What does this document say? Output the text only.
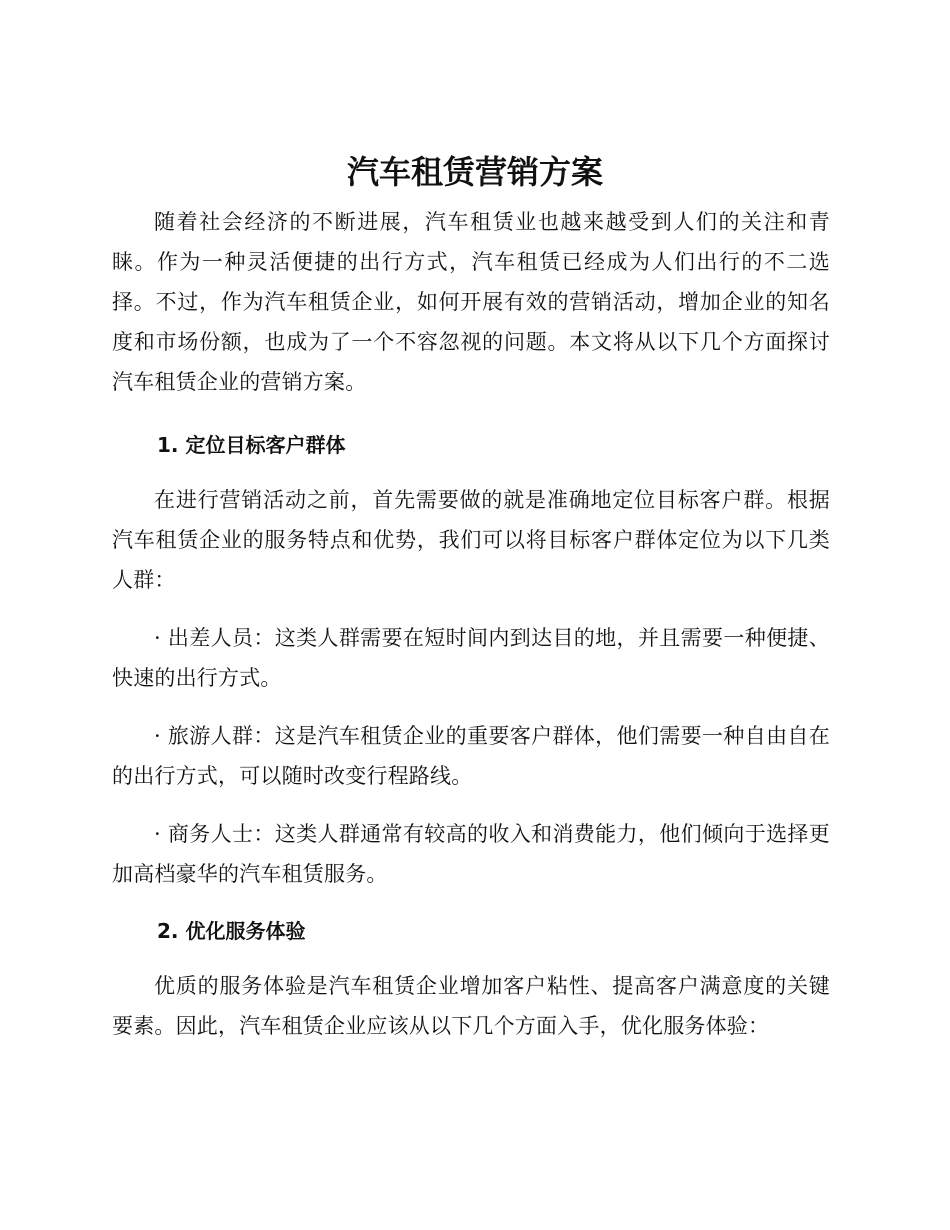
汽车租赁营销方案

随着社会经济的不断进展，汽车租赁业也越来越受到人们的关注和青睐。作为一种灵活便捷的出行方式，汽车租赁已经成为人们出行的不二选择。不过，作为汽车租赁企业，如何开展有效的营销活动，增加企业的知名度和市场份额，也成为了一个不容忽视的问题。本文将从以下几个方面探讨汽车租赁企业的营销方案。

1. 定位目标客户群体

在进行营销活动之前，首先需要做的就是准确地定位目标客户群。根据汽车租赁企业的服务特点和优势，我们可以将目标客户群体定位为以下几类人群：

· 出差人员：这类人群需要在短时间内到达目的地，并且需要一种便捷、快速的出行方式。

· 旅游人群：这是汽车租赁企业的重要客户群体，他们需要一种自由自在的出行方式，可以随时改变行程路线。

· 商务人士：这类人群通常有较高的收入和消费能力，他们倾向于选择更加高档豪华的汽车租赁服务。

2. 优化服务体验

优质的服务体验是汽车租赁企业增加客户粘性、提高客户满意度的关键要素。因此，汽车租赁企业应该从以下几个方面入手，优化服务体验：
